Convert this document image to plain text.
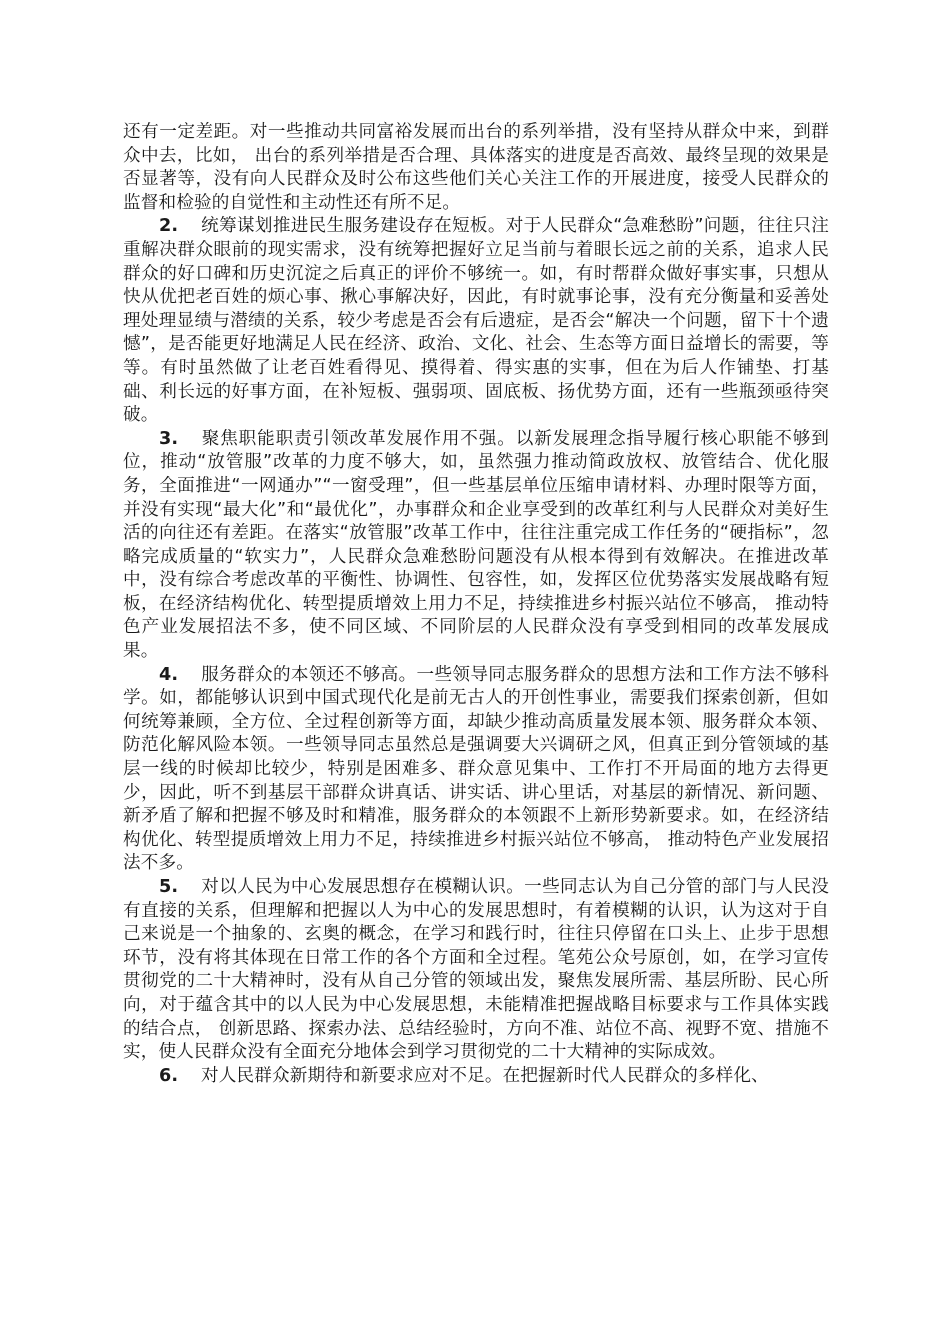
还有一定差距。对一些推动共同富裕发展而出台的系列举措，没有坚持从群众中来，到群众中去，比如， 出台的系列举措是否合理、具体落实的进度是否高效、最终呈现的效果是否显著等，没有向人民群众及时公布这些他们关心关注工作的开展进度，接受人民群众的监督和检验的自觉性和主动性还有所不足。

2. 统筹谋划推进民生服务建设存在短板。对于人民群众“急难愁盼”问题，往往只注重解决群众眼前的现实需求，没有统筹把握好立足当前与着眼长远之前的关系，追求人民群众的好口碑和历史沉淀之后真正的评价不够统一。如，有时帮群众做好事实事，只想从快从优把老百姓的烦心事、揪心事解决好，因此，有时就事论事，没有充分衡量和妥善处理处理显绩与潜绩的关系，较少考虑是否会有后遗症，是否会“解决一个问题，留下十个遗憾”，是否能更好地满足人民在经济、政治、文化、社会、生态等方面日益增长的需要，等等。有时虽然做了让老百姓看得见、摸得着、得实惠的实事，但在为后人作铺垫、打基础、利长远的好事方面，在补短板、强弱项、固底板、扬优势方面，还有一些瓶颈亟待突破。

3. 聚焦职能职责引领改革发展作用不强。以新发展理念指导履行核心职能不够到位，推动“放管服”改革的力度不够大，如，虽然强力推动简政放权、放管结合、优化服务，全面推进“一网通办”“一窗受理”，但一些基层单位压缩申请材料、办理时限等方面，并没有实现“最大化”和“最优化”，办事群众和企业享受到的改革红利与人民群众对美好生活的向往还有差距。在落实“放管服”改革工作中，往往注重完成工作任务的“硬指标”，忽略完成质量的“软实力”，人民群众急难愁盼问题没有从根本得到有效解决。在推进改革中，没有综合考虑改革的平衡性、协调性、包容性，如，发挥区位优势落实发展战略有短板，在经济结构优化、转型提质增效上用力不足，持续推进乡村振兴站位不够高， 推动特色产业发展招法不多，使不同区域、不同阶层的人民群众没有享受到相同的改革发展成果。

4. 服务群众的本领还不够高。一些领导同志服务群众的思想方法和工作方法不够科学。如，都能够认识到中国式现代化是前无古人的开创性事业，需要我们探索创新，但如何统筹兼顾，全方位、全过程创新等方面，却缺少推动高质量发展本领、服务群众本领、防范化解风险本领。一些领导同志虽然总是强调要大兴调研之风，但真正到分管领域的基层一线的时候却比较少，特别是困难多、群众意见集中、工作打不开局面的地方去得更少，因此，听不到基层干部群众讲真话、讲实话、讲心里话，对基层的新情况、新问题、新矛盾了解和把握不够及时和精准，服务群众的本领跟不上新形势新要求。如，在经济结构优化、转型提质增效上用力不足，持续推进乡村振兴站位不够高， 推动特色产业发展招法不多。

5. 对以人民为中心发展思想存在模糊认识。一些同志认为自己分管的部门与人民没有直接的关系，但理解和把握以人为中心的发展思想时，有着模糊的认识，认为这对于自己来说是一个抽象的、玄奥的概念，在学习和践行时，往往只停留在口头上、止步于思想环节，没有将其体现在日常工作的各个方面和全过程。笔苑公众号原创，如，在学习宣传贯彻党的二十大精神时，没有从自己分管的领域出发，聚焦发展所需、基层所盼、民心所向，对于蕴含其中的以人民为中心发展思想，未能精准把握战略目标要求与工作具体实践的结合点， 创新思路、探索办法、总结经验时，方向不准、站位不高、视野不宽、措施不实，使人民群众没有全面充分地体会到学习贯彻党的二十大精神的实际成效。

6. 对人民群众新期待和新要求应对不足。在把握新时代人民群众的多样化、
